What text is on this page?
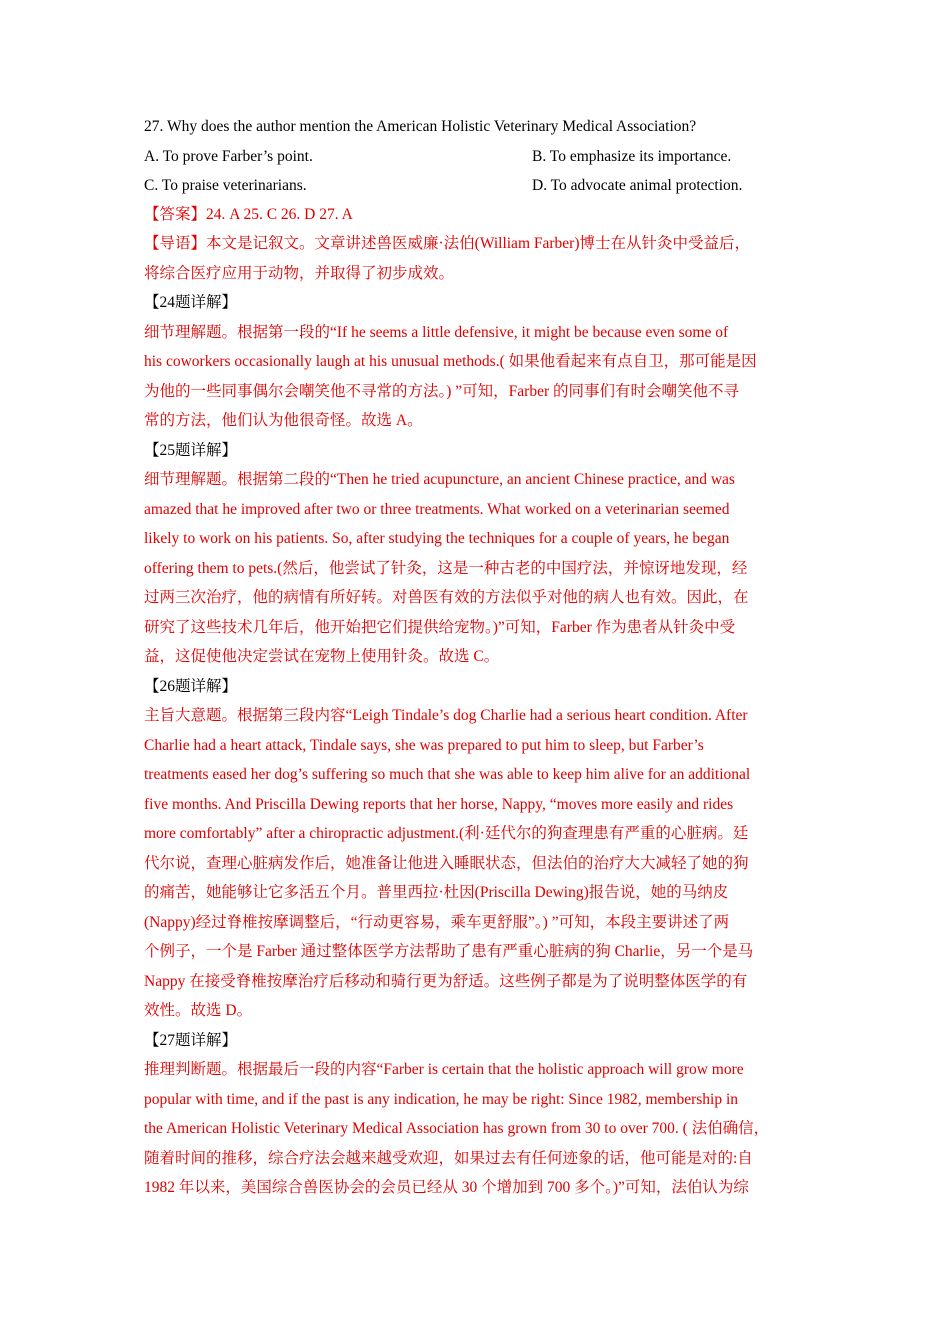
27. Why does the author mention the American Holistic Veterinary Medical Association?
A. To prove Farber’s point.	B. To emphasize its importance.
C. To praise veterinarians.	D. To advocate animal protection.
【答案】24. A 25. C 26. D 27. A
【导语】本文是记叙文。文章讲述兽医威廉·法伯(William Farber)博士在从针灸中受益后，
将综合医疗应用于动物，并取得了初步成效。
【24题详解】
细节理解题。根据第一段的“If he seems a little defensive, it might be because even some of
his coworkers occasionally laugh at his unusual methods.( 如果他看起来有点自卫，那可能是因
为他的一些同事偶尔会嘲笑他不寻常的方法。) ”可知，Farber 的同事们有时会嘲笑他不寻
常的方法，他们认为他很奇怪。故选 A。
【25题详解】
细节理解题。根据第二段的“Then he tried acupuncture, an ancient Chinese practice, and was
amazed that he improved after two or three treatments. What worked on a veterinarian seemed
likely to work on his patients. So, after studying the techniques for a couple of years, he began
offering them to pets.(然后，他尝试了针灸，这是一种古老的中国疗法，并惊讶地发现，经
过两三次治疗，他的病情有所好转。对兽医有效的方法似乎对他的病人也有效。因此，在
研究了这些技术几年后，他开始把它们提供给宠物。)”可知，Farber 作为患者从针灸中受
益，这促使他决定尝试在宠物上使用针灸。故选 C。
【26题详解】
主旨大意题。根据第三段内容“Leigh Tindale’s dog Charlie had a serious heart condition. After
Charlie had a heart attack, Tindale says, she was prepared to put him to sleep, but Farber’s
treatments eased her dog’s suffering so much that she was able to keep him alive for an additional
five months. And Priscilla Dewing reports that her horse, Nappy, “moves more easily and rides
more comfortably” after a chiropractic adjustment.(利·廷代尔的狗查理患有严重的心脏病。廷
代尔说，查理心脏病发作后，她准备让他进入睡眠状态，但法伯的治疗大大减轻了她的狗
的痛苦，她能够让它多活五个月。普里西拉·杜因(Priscilla Dewing)报告说，她的马纳皮
(Nappy)经过脊椎按摩调整后，“行动更容易，乘车更舒服”。) ”可知，本段主要讲述了两
个例子，一个是 Farber 通过整体医学方法帮助了患有严重心脏病的狗 Charlie，另一个是马
Nappy 在接受脊椎按摩治疗后移动和骑行更为舒适。这些例子都是为了说明整体医学的有
效性。故选 D。
【27题详解】
推理判断题。根据最后一段的内容“Farber is certain that the holistic approach will grow more
popular with time, and if the past is any indication, he may be right: Since 1982, membership in
the American Holistic Veterinary Medical Association has grown from 30 to over 700. ( 法伯确信，
随着时间的推移，综合疗法会越来越受欢迎，如果过去有任何迹象的话，他可能是对的:自
1982 年以来，美国综合兽医协会的会员已经从 30 个增加到 700 多个。)”可知，法伯认为综
